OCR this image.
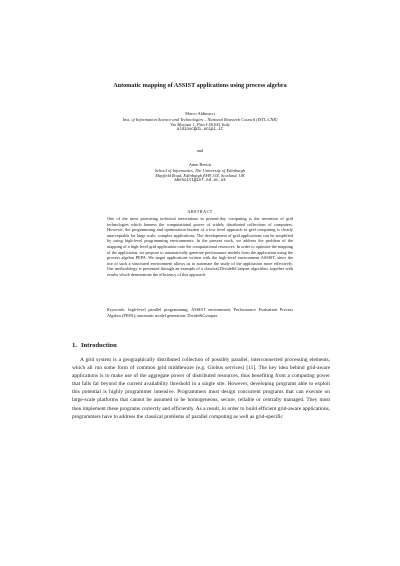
Automatic mapping of ASSIST applications using process algebra
Marco Aldinucci
Inst. of Information Science and Technologies – National Research Council (ISTI–CNR)
Via Moruzzi 1, Pisa I-56100, Italy
aldinuc@di.unipi.it
and
Anne Benoit
School of Informatics, The University of Edinburgh
Mayfield Road, Edinburgh EH9 3JZ, Scotland, UK
abenoit1@inf.ed.ac.uk
ABSTRACT
One of the most promising technical innovations in present-day computing is the invention of grid technologies which harness the computational power of widely distributed collections of computers. However, the programming and optimisation burden of a low level approach to grid computing is clearly unacceptable for large scale, complex applications. The development of grid applications can be simplified by using high-level programming environments. In the present work, we address the problem of the mapping of a high-level grid application onto the computational resources. In order to optimise the mapping of the application, we propose to automatically generate performance models from the application using the process algebra PEPA. We target applications written with the high-level environment ASSIST, since the use of such a structured environment allows us to automate the study of the application more effectively. Our methodology is presented through an example of a classical Divide&Conquer algorithm, together with results which demonstrate the efficiency of this approach.
Keywords: high-level parallel programming; ASSIST environment; Performance Evaluation Process Algebra (PEPA); automatic model generation; Divide&Conquer.
1. Introduction
A grid system is a geographically distributed collection of possibly parallel, interconnected processing elements, which all run some form of common grid middleware (e.g. Globus services) [11]. The key idea behind grid-aware applications is to make use of the aggregate power of distributed resources, thus benefiting from a computing power that falls far beyond the current availability threshold in a single site. However, developing programs able to exploit this potential is highly programmer intensive. Programmers must design concurrent programs that can execute on large-scale platforms that cannot be assumed to be homogeneous, secure, reliable or centrally managed. They must then implement these programs correctly and efficiently. As a result, in order to build efficient grid-aware applications, programmers have to address the classical problems of parallel computing as well as grid-specific
